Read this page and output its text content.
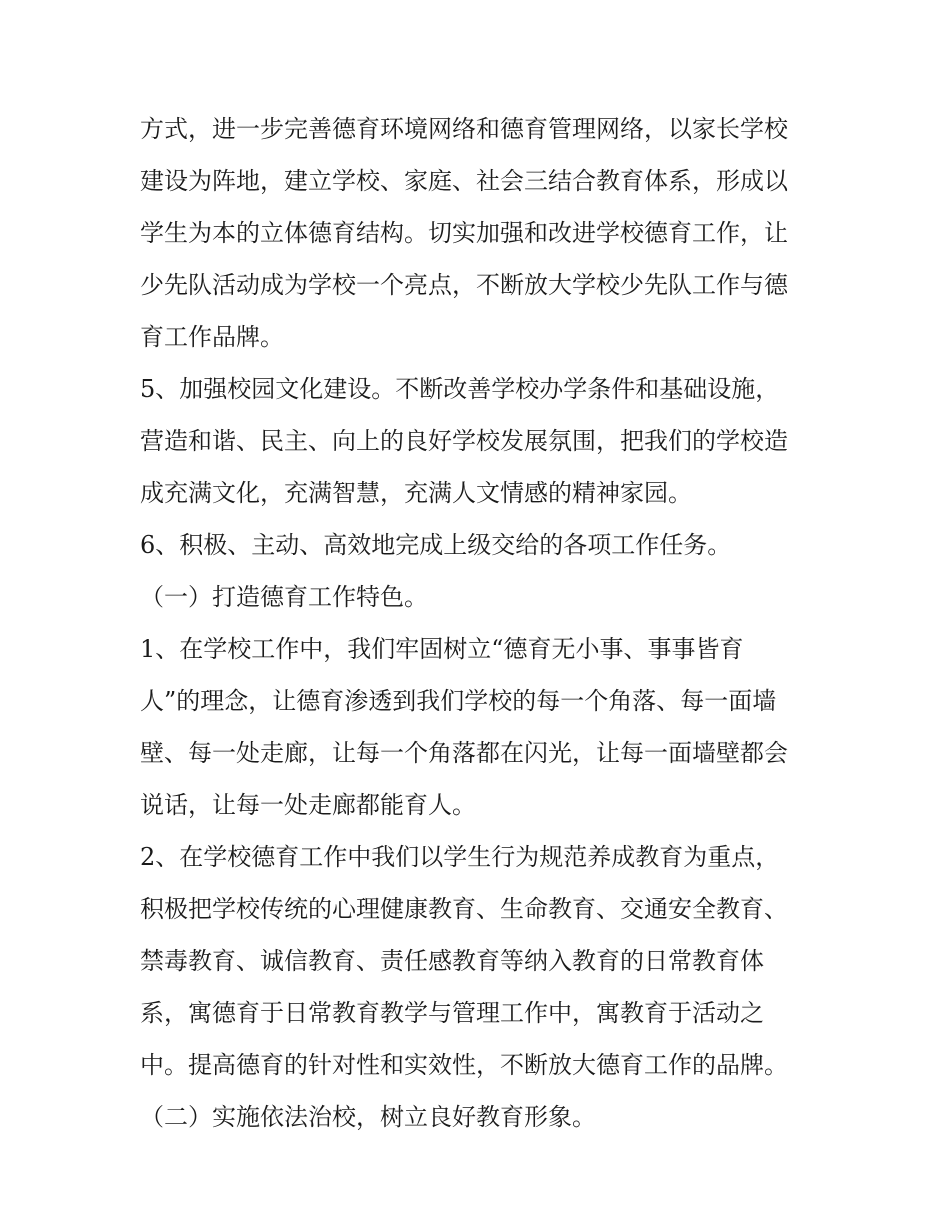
方式，进一步完善德育环境网络和德育管理网络，以家长学校
建设为阵地，建立学校、家庭、社会三结合教育体系，形成以
学生为本的立体德育结构。切实加强和改进学校德育工作，让
少先队活动成为学校一个亮点，不断放大学校少先队工作与德
育工作品牌。
5、加强校园文化建设。不断改善学校办学条件和基础设施，
营造和谐、民主、向上的良好学校发展氛围，把我们的学校造
成充满文化，充满智慧，充满人文情感的精神家园。
6、积极、主动、高效地完成上级交给的各项工作任务。
（一）打造德育工作特色。
1、在学校工作中，我们牢固树立“德育无小事、事事皆育
人”的理念，让德育渗透到我们学校的每一个角落、每一面墙
壁、每一处走廊，让每一个角落都在闪光，让每一面墙壁都会
说话，让每一处走廊都能育人。
2、在学校德育工作中我们以学生行为规范养成教育为重点，
积极把学校传统的心理健康教育、生命教育、交通安全教育、
禁毒教育、诚信教育、责任感教育等纳入教育的日常教育体
系，寓德育于日常教育教学与管理工作中，寓教育于活动之
中。提高德育的针对性和实效性，不断放大德育工作的品牌。
（二）实施依法治校，树立良好教育形象。
